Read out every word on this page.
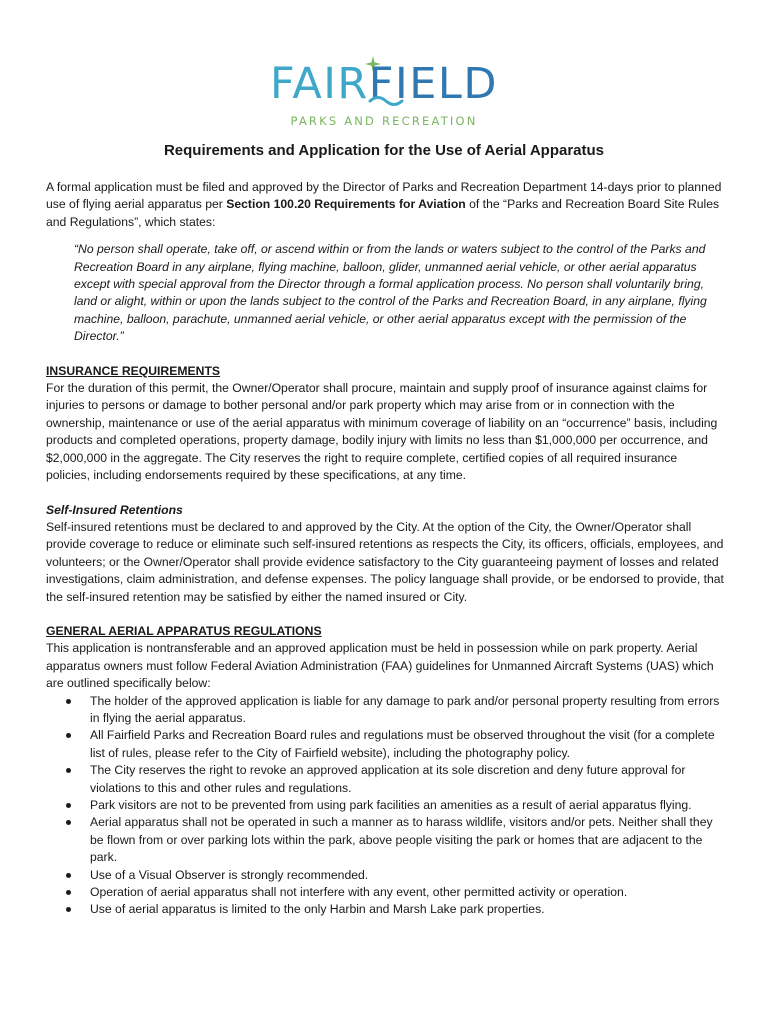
FAIRFIELD
PARKS AND RECREATION
Requirements and Application for the Use of Aerial Apparatus

A formal application must be filed and approved by the Director of Parks and Recreation Department 14-days prior to planned use of flying aerial apparatus per Section 100.20 Requirements for Aviation of the “Parks and Recreation Board Site Rules and Regulations”, which states:

“No person shall operate, take off, or ascend within or from the lands or waters subject to the control of the Parks and Recreation Board in any airplane, flying machine, balloon, glider, unmanned aerial vehicle, or other aerial apparatus except with special approval from the Director through a formal application process. No person shall voluntarily bring, land or alight, within or upon the lands subject to the control of the Parks and Recreation Board, in any airplane, flying machine, balloon, parachute, unmanned aerial vehicle, or other aerial apparatus except with the permission of the Director.”

INSURANCE REQUIREMENTS

For the duration of this permit, the Owner/Operator shall procure, maintain and supply proof of insurance against claims for injuries to persons or damage to bother personal and/or park property which may arise from or in connection with the ownership, maintenance or use of the aerial apparatus with minimum coverage of liability on an “occurrence” basis, including products and completed operations, property damage, bodily injury with limits no less than $1,000,000 per occurrence, and $2,000,000 in the aggregate. The City reserves the right to require complete, certified copies of all required insurance policies, including endorsements required by these specifications, at any time.

Self-Insured Retentions

Self-insured retentions must be declared to and approved by the City. At the option of the City, the Owner/Operator shall provide coverage to reduce or eliminate such self-insured retentions as respects the City, its officers, officials, employees, and volunteers; or the Owner/Operator shall provide evidence satisfactory to the City guaranteeing payment of losses and related investigations, claim administration, and defense expenses. The policy language shall provide, or be endorsed to provide, that the self-insured retention may be satisfied by either the named insured or City.

GENERAL AERIAL APPARATUS REGULATIONS

This application is nontransferable and an approved application must be held in possession while on park property. Aerial apparatus owners must follow Federal Aviation Administration (FAA) guidelines for Unmanned Aircraft Systems (UAS) which are outlined specifically below:

The holder of the approved application is liable for any damage to park and/or personal property resulting from errors in flying the aerial apparatus.
All Fairfield Parks and Recreation Board rules and regulations must be observed throughout the visit (for a complete list of rules, please refer to the City of Fairfield website), including the photography policy.
The City reserves the right to revoke an approved application at its sole discretion and deny future approval for violations to this and other rules and regulations.
Park visitors are not to be prevented from using park facilities an amenities as a result of aerial apparatus flying.
Aerial apparatus shall not be operated in such a manner as to harass wildlife, visitors and/or pets. Neither shall they be flown from or over parking lots within the park, above people visiting the park or homes that are adjacent to the park.
Use of a Visual Observer is strongly recommended.
Operation of aerial apparatus shall not interfere with any event, other permitted activity or operation.
Use of aerial apparatus is limited to the only Harbin and Marsh Lake park properties.
